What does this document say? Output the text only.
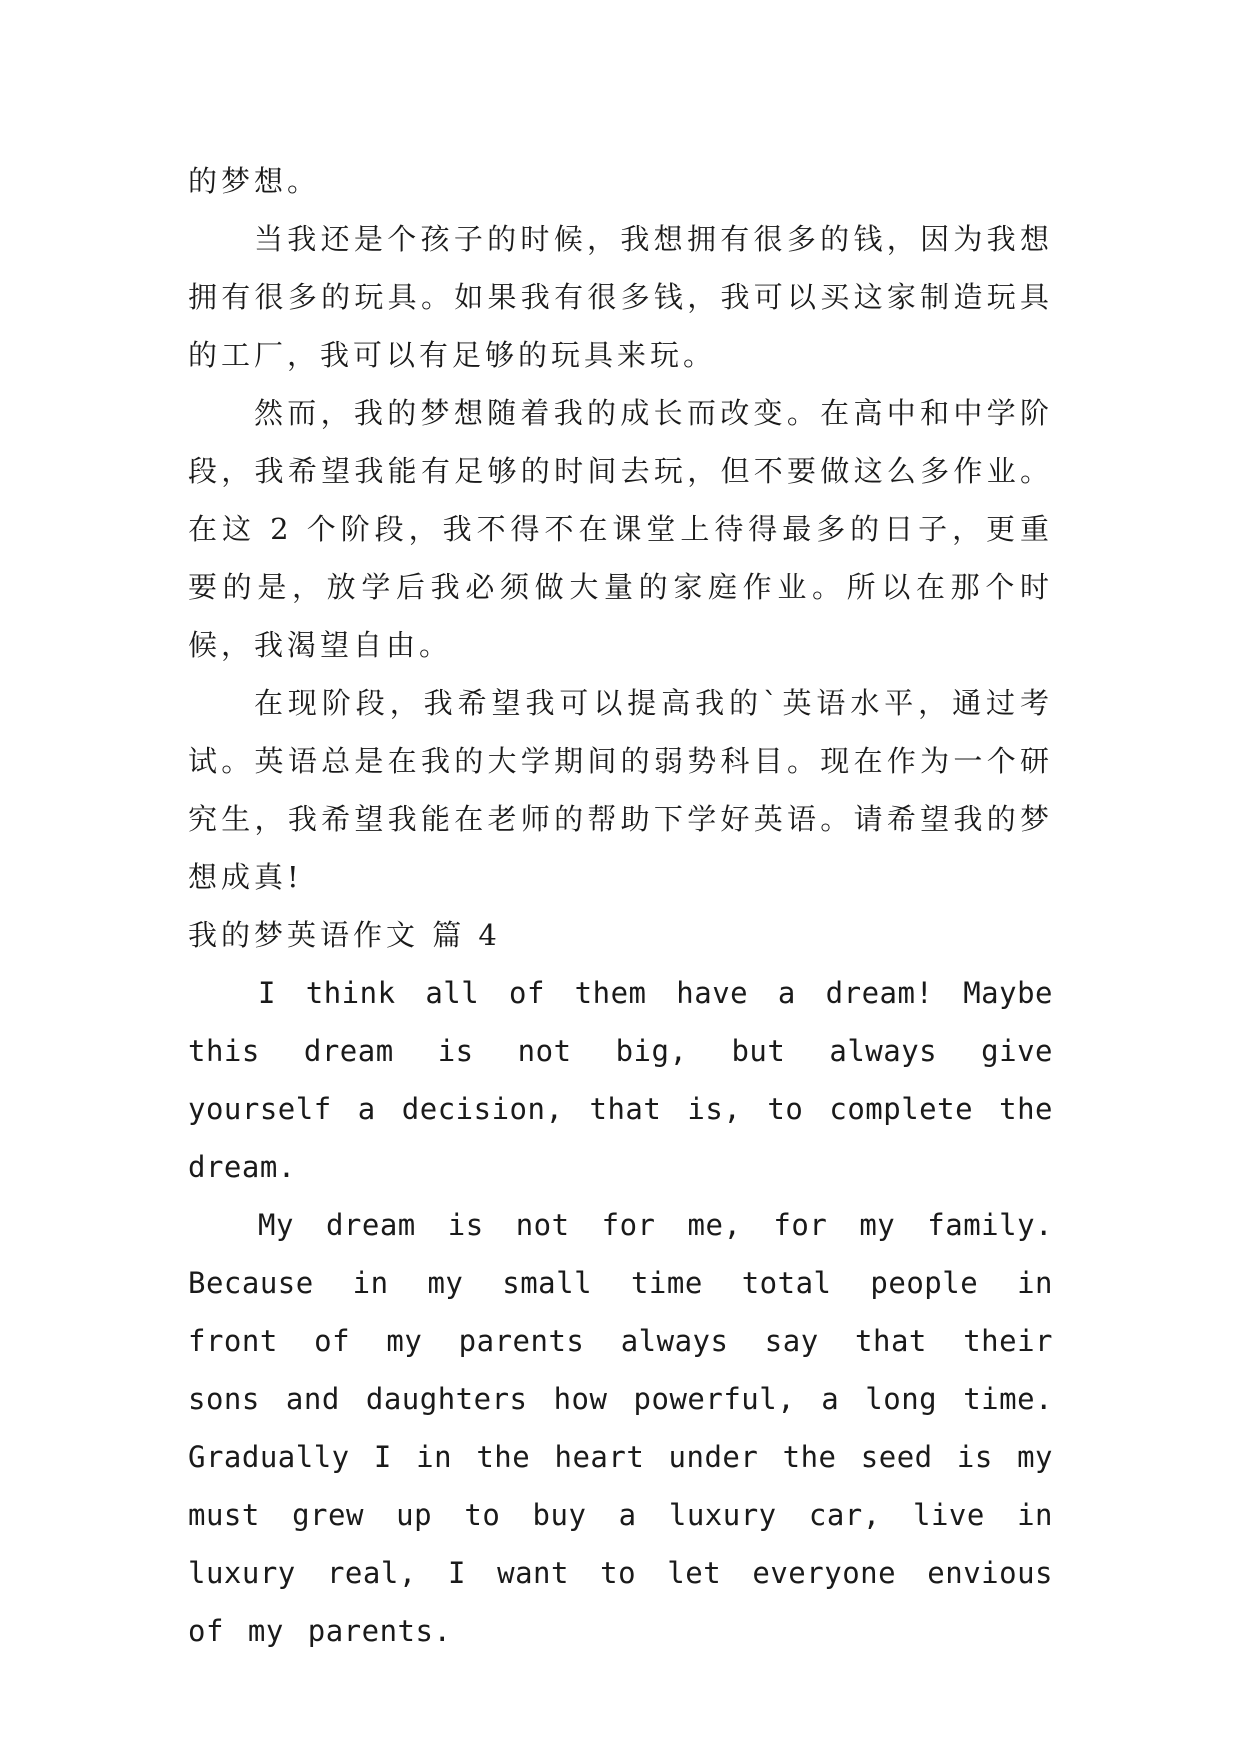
的梦想。

当我还是个孩子的时候，我想拥有很多的钱，因为我想拥有很多的玩具。如果我有很多钱，我可以买这家制造玩具的工厂，我可以有足够的玩具来玩。

然而，我的梦想随着我的成长而改变。在高中和中学阶段，我希望我能有足够的时间去玩，但不要做这么多作业。在这 2 个阶段，我不得不在课堂上待得最多的日子，更重要的是，放学后我必须做大量的家庭作业。所以在那个时候，我渴望自由。

在现阶段，我希望我可以提高我的`英语水平，通过考试。英语总是在我的大学期间的弱势科目。现在作为一个研究生，我希望我能在老师的帮助下学好英语。请希望我的梦想成真!

我的梦英语作文 篇 4

I think all of them have a dream! Maybe this dream is not big, but always give yourself a decision, that is, to complete the dream.

My dream is not for me, for my family. Because in my small time total people in front of my parents always say that their sons and daughters how powerful, a long time. Gradually I in the heart under the seed is my must grew up to buy a luxury car, live in luxury real, I want to let everyone envious of my parents.
